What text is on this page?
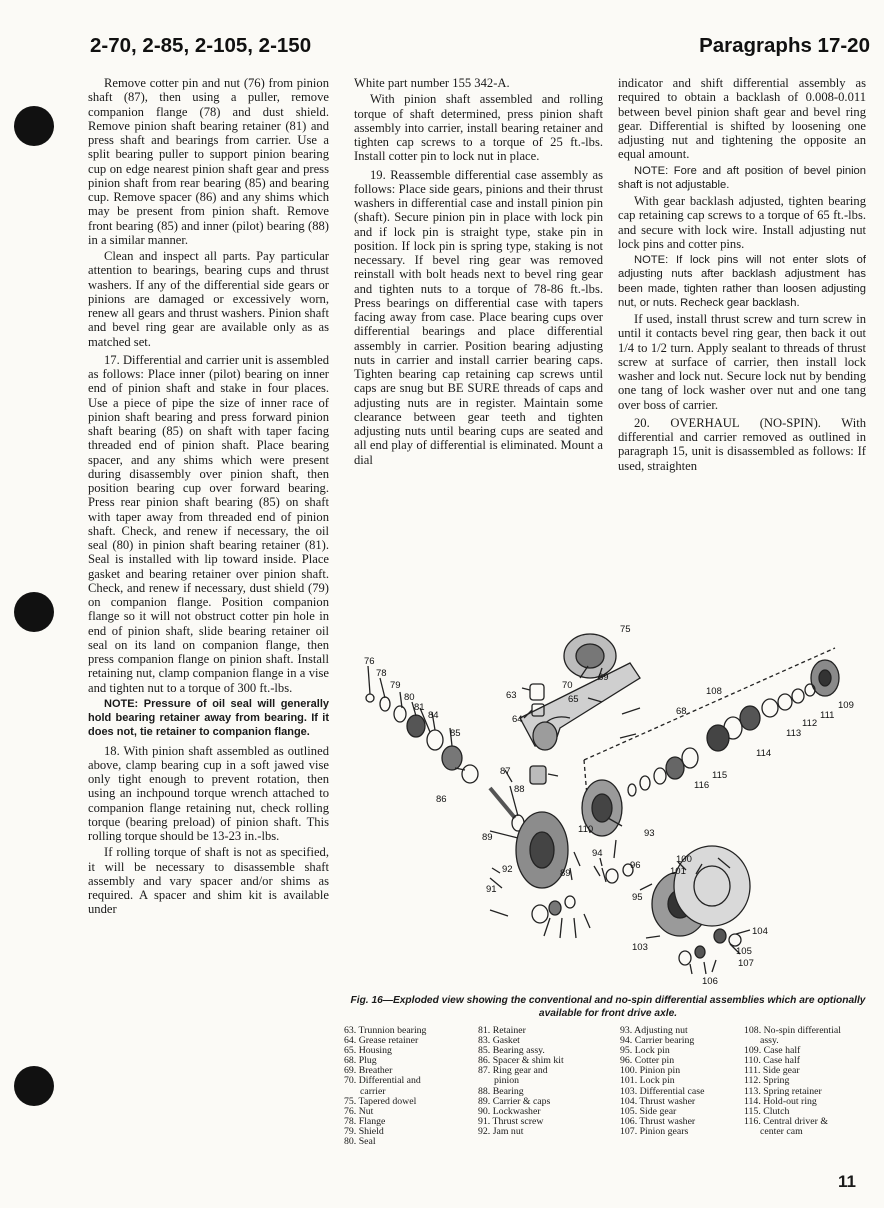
2-70, 2-85, 2-105, 2-150	Paragraphs 17-20

Remove cotter pin and nut (76) from pinion shaft (87), then using a puller, remove companion flange (78) and dust shield. Remove pinion shaft bearing retainer (81) and press shaft and bearings from carrier. Use a split bearing puller to support pinion bearing cup on edge nearest pinion shaft gear and press pinion shaft from rear bearing (85) and bearing cup. Remove spacer (86) and any shims which may be present from pinion shaft. Remove front bearing (85) and inner (pilot) bearing (88) in a similar manner.

Clean and inspect all parts. Pay particular attention to bearings, bearing cups and thrust washers. If any of the differential side gears or pinions are damaged or excessively worn, renew all gears and thrust washers. Pinion shaft and bevel ring gear are available only as as matched set.

17. Differential and carrier unit is assembled as follows: Place inner (pilot) bearing on inner end of pinion shaft and stake in four places. Use a piece of pipe the size of inner race of pinion shaft bearing and press forward pinion shaft bearing (85) on shaft with taper facing threaded end of pinion shaft. Place bearing spacer, and any shims which were present during disassembly over pinion shaft, then position bearing cup over forward bearing. Press rear pinion shaft bearing (85) on shaft with taper away from threaded end of pinion shaft. Check, and renew if necessary, the oil seal (80) in pinion shaft bearing retainer (81). Seal is installed with lip toward inside. Place gasket and bearing retainer over pinion shaft. Check, and renew if necessary, dust shield (79) on companion flange. Position companion flange so it will not obstruct cotter pin hole in end of pinion shaft, slide bearing retainer oil seal on its land on companion flange, then press companion flange on pinion shaft. Install retaining nut, clamp companion flange in a vise and tighten nut to a torque of 300 ft.-lbs.

NOTE: Pressure of oil seal will generally hold bearing retainer away from bearing. If it does not, tie retainer to companion flange.

18. With pinion shaft assembled as outlined above, clamp bearing cup in a soft jawed vise only tight enough to prevent rotation, then using an inchpound torque wrench attached to companion flange retaining nut, check rolling torque (bearing preload) of pinion shaft. This rolling torque should be 13-23 in.-lbs.

If rolling torque of shaft is not as specified, it will be necessary to disassemble shaft assembly and vary spacer and/or shims as required. A spacer and shim kit is available under

White part number 155 342-A.

With pinion shaft assembled and rolling torque of shaft determined, press pinion shaft assembly into carrier, install bearing retainer and tighten cap screws to a torque of 25 ft.-lbs. Install cotter pin to lock nut in place.

19. Reassemble differential case assembly as follows: Place side gears, pinions and their thrust washers in differential case and install pinion pin (shaft). Secure pinion pin in place with lock pin and if lock pin is straight type, stake pin in position. If lock pin is spring type, staking is not necessary. If bevel ring gear was removed reinstall with bolt heads next to bevel ring gear and tighten nuts to a torque of 78-86 ft.-lbs. Press bearings on differential case with tapers facing away from case. Place bearing cups over differential bearings and place differential assembly in carrier. Position bearing adjusting nuts in carrier and install carrier bearing caps. Tighten bearing cap retaining cap screws until caps are snug but BE SURE threads of caps and adjusting nuts are in register. Maintain some clearance between gear teeth and tighten adjusting nuts until bearing cups are seated and all end play of differential is eliminated. Mount a dial

indicator and shift differential assembly as required to obtain a backlash of 0.008-0.011 between bevel pinion shaft gear and bevel ring gear. Differential is shifted by loosening one adjusting nut and tightening the opposite an equal amount.

NOTE: Fore and aft position of bevel pinion shaft is not adjustable.

With gear backlash adjusted, tighten bearing cap retaining cap screws to a torque of 65 ft.-lbs. and secure with lock wire. Install adjusting nut lock pins and cotter pins.

NOTE: If lock pins will not enter slots of adjusting nuts after backlash adjustment has been made, tighten rather than loosen adjusting nut, or nuts. Recheck gear backlash.

If used, install thrust screw and turn screw in until it contacts bevel ring gear, then back it out 1/4 to 1/2 turn. Apply sealant to threads of thrust screw at surface of carrier, then install lock washer and lock nut. Secure lock nut by bending one tang of lock washer over nut and one tang over boss of carrier.

20. OVERHAUL (NO-SPIN). With differential and carrier removed as outlined in paragraph 15, unit is disassembled as follows: If used, straighten

76
78
79
80
81
84
85
86
87
88
89
63
64
65
70
69
68
108
109
111
112
113
114
115
116
110	93
94
92
91
89
95
96
100
101
103
104
105
106
107
75
Fig. 16—Exploded view showing the conventional and no-spin differential assemblies which are optionally available for front drive axle.
63. Trunnion bearing
64. Grease retainer
65. Housing
68. Plug
69. Breather
70. Differential and
carrier
75. Tapered dowel
76. Nut
78. Flange
79. Shield
80. Seal
81. Retainer
83. Gasket
85. Bearing assy.
86. Spacer & shim kit
87. Ring gear and
pinion
88. Bearing
89. Carrier & caps
90. Lockwasher
91. Thrust screw
92. Jam nut
93. Adjusting nut
94. Carrier bearing
95. Lock pin
96. Cotter pin
100. Pinion pin
101. Lock pin
103. Differential case
104. Thrust washer
105. Side gear
106. Thrust washer
107. Pinion gears
108. No-spin differential
assy.
109. Case half
110. Case half
111. Side gear
112. Spring
113. Spring retainer
114. Hold-out ring
115. Clutch
116. Central driver &
center cam
11
